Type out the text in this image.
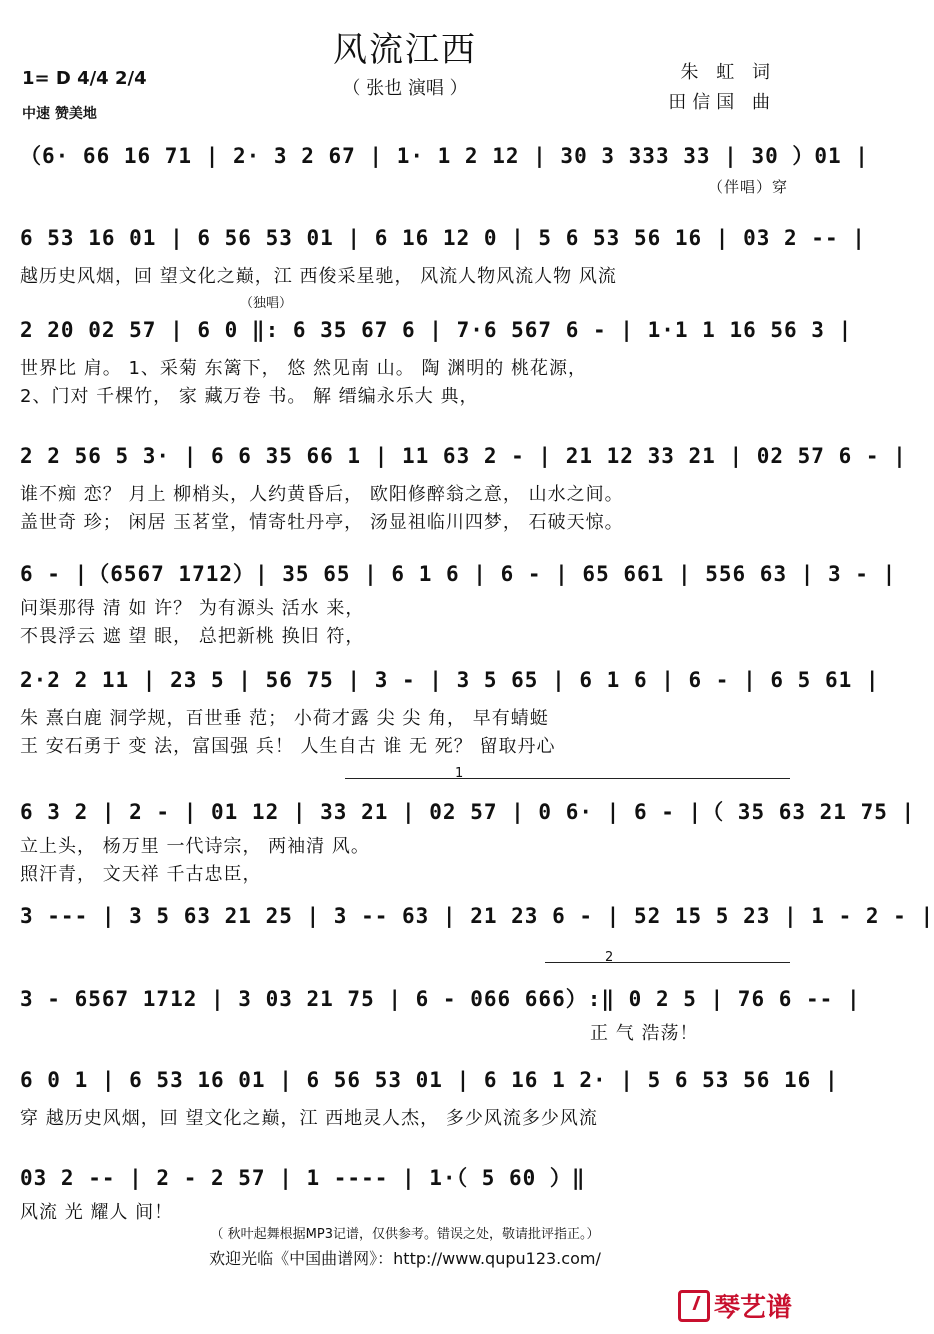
风流江西
（ 张也 演唱 ）
朱 虹 词
田信国 曲
1= D 4/4 2/4
中速 赞美地
（6· 66 16 71 | 2· 3 2 67 | 1· 1 2 12 | 30 3 333 33 | 30 ）01 |
（伴唱）穿
6 53 16 01 | 6 56 53 01 | 6 16 12 0 | 5 6 53 56 16 | 03 2 -- |
越历史风烟，回 望文化之巅，江 西俊采星驰， 风流人物风流人物 风流
2 20 02 57 | 6 0 ‖: 6 35 67 6 | 7·6 567 6 - | 1·1 1 16 56 3 |
世界比 肩。 1、采菊 东篱下， 悠 然见南 山。 陶 渊明的 桃花源，
2、门对 千棵竹， 家 藏万卷 书。 解 缙编永乐大 典，
2 2 56 5 3· | 6 6 35 66 1 | 11 63 2 - | 21 12 33 21 | 02 57 6 - |
谁不痴 恋？ 月上 柳梢头，人约黄昏后， 欧阳修醉翁之意， 山水之间。
盖世奇 珍； 闲居 玉茗堂，情寄牡丹亭， 汤显祖临川四梦， 石破天惊。
6 - |（6567 1712）| 35 65 | 6 1 6 | 6 - | 65 661 | 556 63 | 3 - |
问渠那得 清 如 许？ 为有源头 活水 来，
不畏浮云 遮 望 眼， 总把新桃 换旧 符，
2·2 2 11 | 23 5 | 56 75 | 3 - | 3 5 65 | 6 1 6 | 6 - | 6 5 61 |
朱 熹白鹿 洞学规，百世垂 范； 小荷才露 尖 尖 角， 早有蜻蜓
王 安石勇于 变 法，富国强 兵！ 人生自古 谁 无 死？ 留取丹心
6 3 2 | 2 - | 01 12 | 33 21 | 02 57 | 0 6· | 6 - |（ 35 63 21 75 |
立上头， 杨万里 一代诗宗， 两袖清 风。
照汗青， 文天祥 千古忠臣，
3 --- | 3 5 63 21 25 | 3 -- 63 | 21 23 6 - | 52 15 5 23 | 1 - 2 - |
3 - 6567 1712 | 3 03 21 75 | 6 - 066 666）:‖ 0 2 5 | 76 6 -- |
正 气 浩荡！
6 0 1 | 6 53 16 01 | 6 56 53 01 | 6 16 1 2· | 5 6 53 56 16 |
穿 越历史风烟，回 望文化之巅，江 西地灵人杰， 多少风流多少风流
03 2 -- | 2 - 2 57 | 1 ---- | 1·（ 5 60 ）‖
风流 光 耀人 间！
（独唱）
1
2
（ 秋叶起舞根据MP3记谱，仅供参考。错误之处，敬请批评指正。）
欢迎光临《中国曲谱网》：http://www.qupu123.com/
琴艺谱
